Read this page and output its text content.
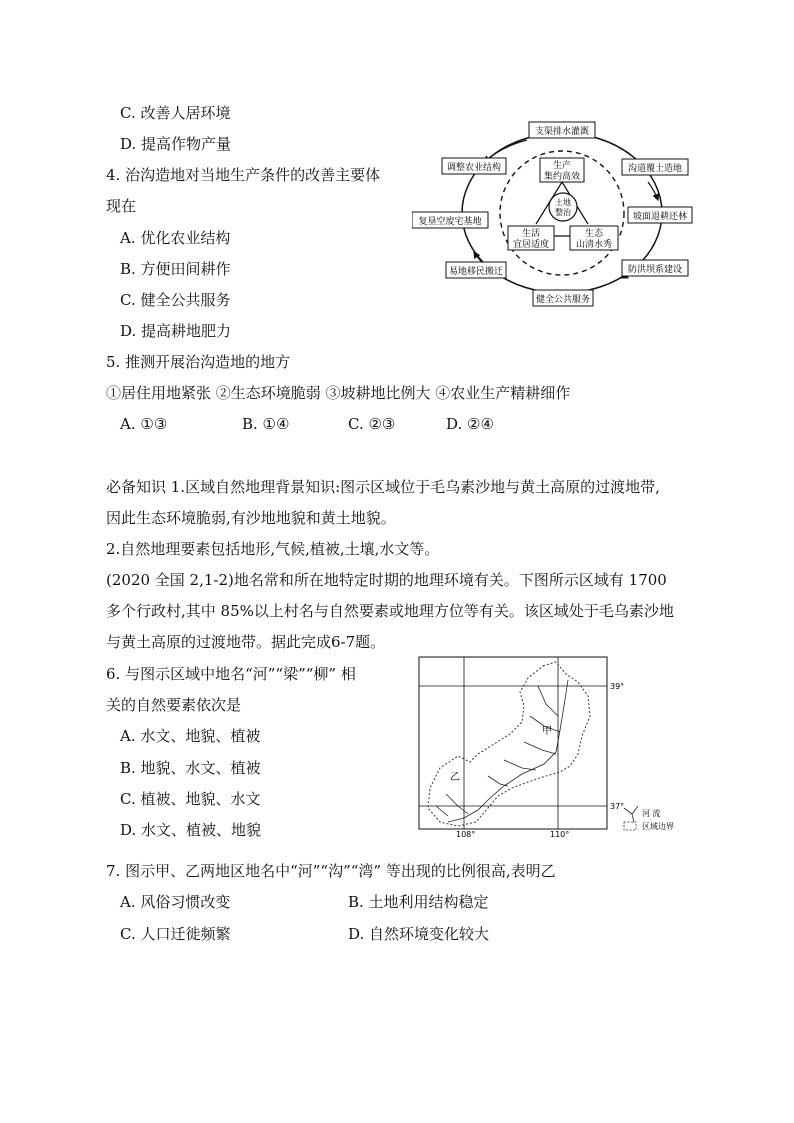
C. 改善人居环境
D. 提高作物产量
4. 治沟造地对当地生产条件的改善主要体
现在
A. 优化农业结构
B. 方便田间耕作
C. 健全公共服务
D. 提高耕地肥力
支渠排水灌溉
沟道覆土造地
坡面退耕还林
防洪坝系建设
健全公共服务
易地移民搬迁
复垦空废宅基地
调整农业结构	生产
集约高效
土地
整治
生活
宜居适度
生态
山清水秀
5. 推测开展治沟造地的地方
①居住用地紧张 ②生态环境脆弱 ③坡耕地比例大 ④农业生产精耕细作
A. ①③	B. ①④	C. ②③	D. ②④
必备知识 1.区域自然地理背景知识:图示区域位于毛乌素沙地与黄土高原的过渡地带,
因此生态环境脆弱,有沙地地貌和黄土地貌。
2.自然地理要素包括地形,气候,植被,土壤,水文等。
(2020 全国 2,1-2)地名常和所在地特定时期的地理环境有关。下图所示区域有 1700
多个行政村,其中 85%以上村名与自然要素或地理方位等有关。该区域处于毛乌素沙地
与黄土高原的过渡地带。据此完成6-7题。
6. 与图示区域中地名“河”“梁”“柳” 相
关的自然要素依次是
A. 水文、地貌、植被
B. 地貌、水文、植被
C. 植被、地貌、水文
D. 水文、植被、地貌
甲
乙
39°
37°
108°	110°
河 流
区域边界
7. 图示甲、乙两地区地名中“河”“沟”“湾” 等出现的比例很高,表明乙
A. 风俗习惯改变	B. 土地利用结构稳定
C. 人口迁徙频繁	D. 自然环境变化较大
